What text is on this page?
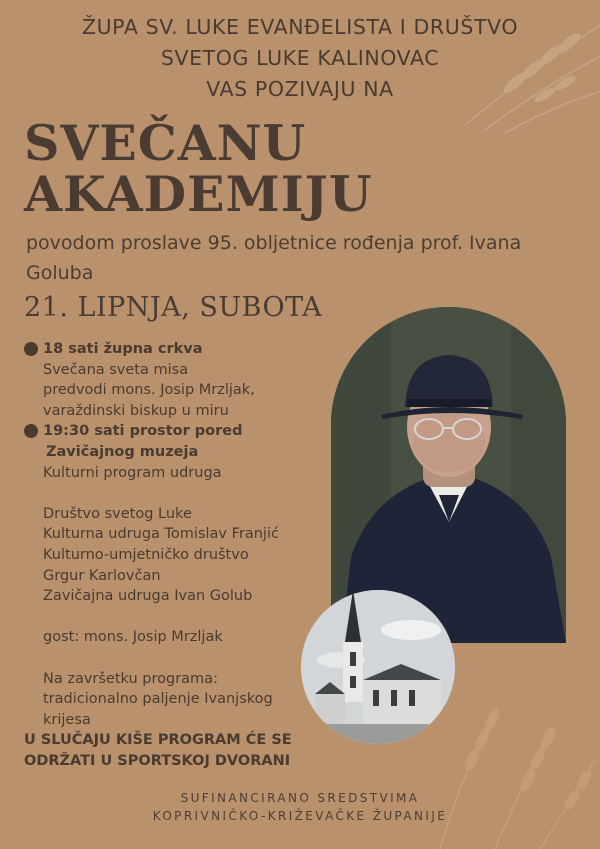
ŽUPA SV. LUKE EVANĐELISTA I DRUŠTVO
SVETOG LUKE KALINOVAC
VAS POZIVAJU NA
SVEČANU
AKADEMIJU
povodom proslave 95. obljetnice rođenja prof. Ivana Goluba
21. LIPNJA, SUBOTA
18 sati župna crkva
Svečana sveta misa
predvodi mons. Josip Mrzljak,
varaždinski biskup u miru
19:30 sati prostor pored
Zavičajnog muzeja
Kulturni program udruga
Društvo svetog Luke
Kulturna udruga Tomislav Franjić
Kulturno-umjetničko društvo
Grgur Karlovčan
Zavičajna udruga Ivan Golub
gost: mons. Josip Mrzljak
Na završetku programa:
tradicionalno paljenje Ivanjskog
krijesa
U SLUČAJU KIŠE PROGRAM ĆE SE
ODRŽATI U SPORTSKOJ DVORANI
SUFINANCIRANO SREDSTVIMA
KOPRIVNIČKO-KRIŽEVAČKE ŽUPANIJE
